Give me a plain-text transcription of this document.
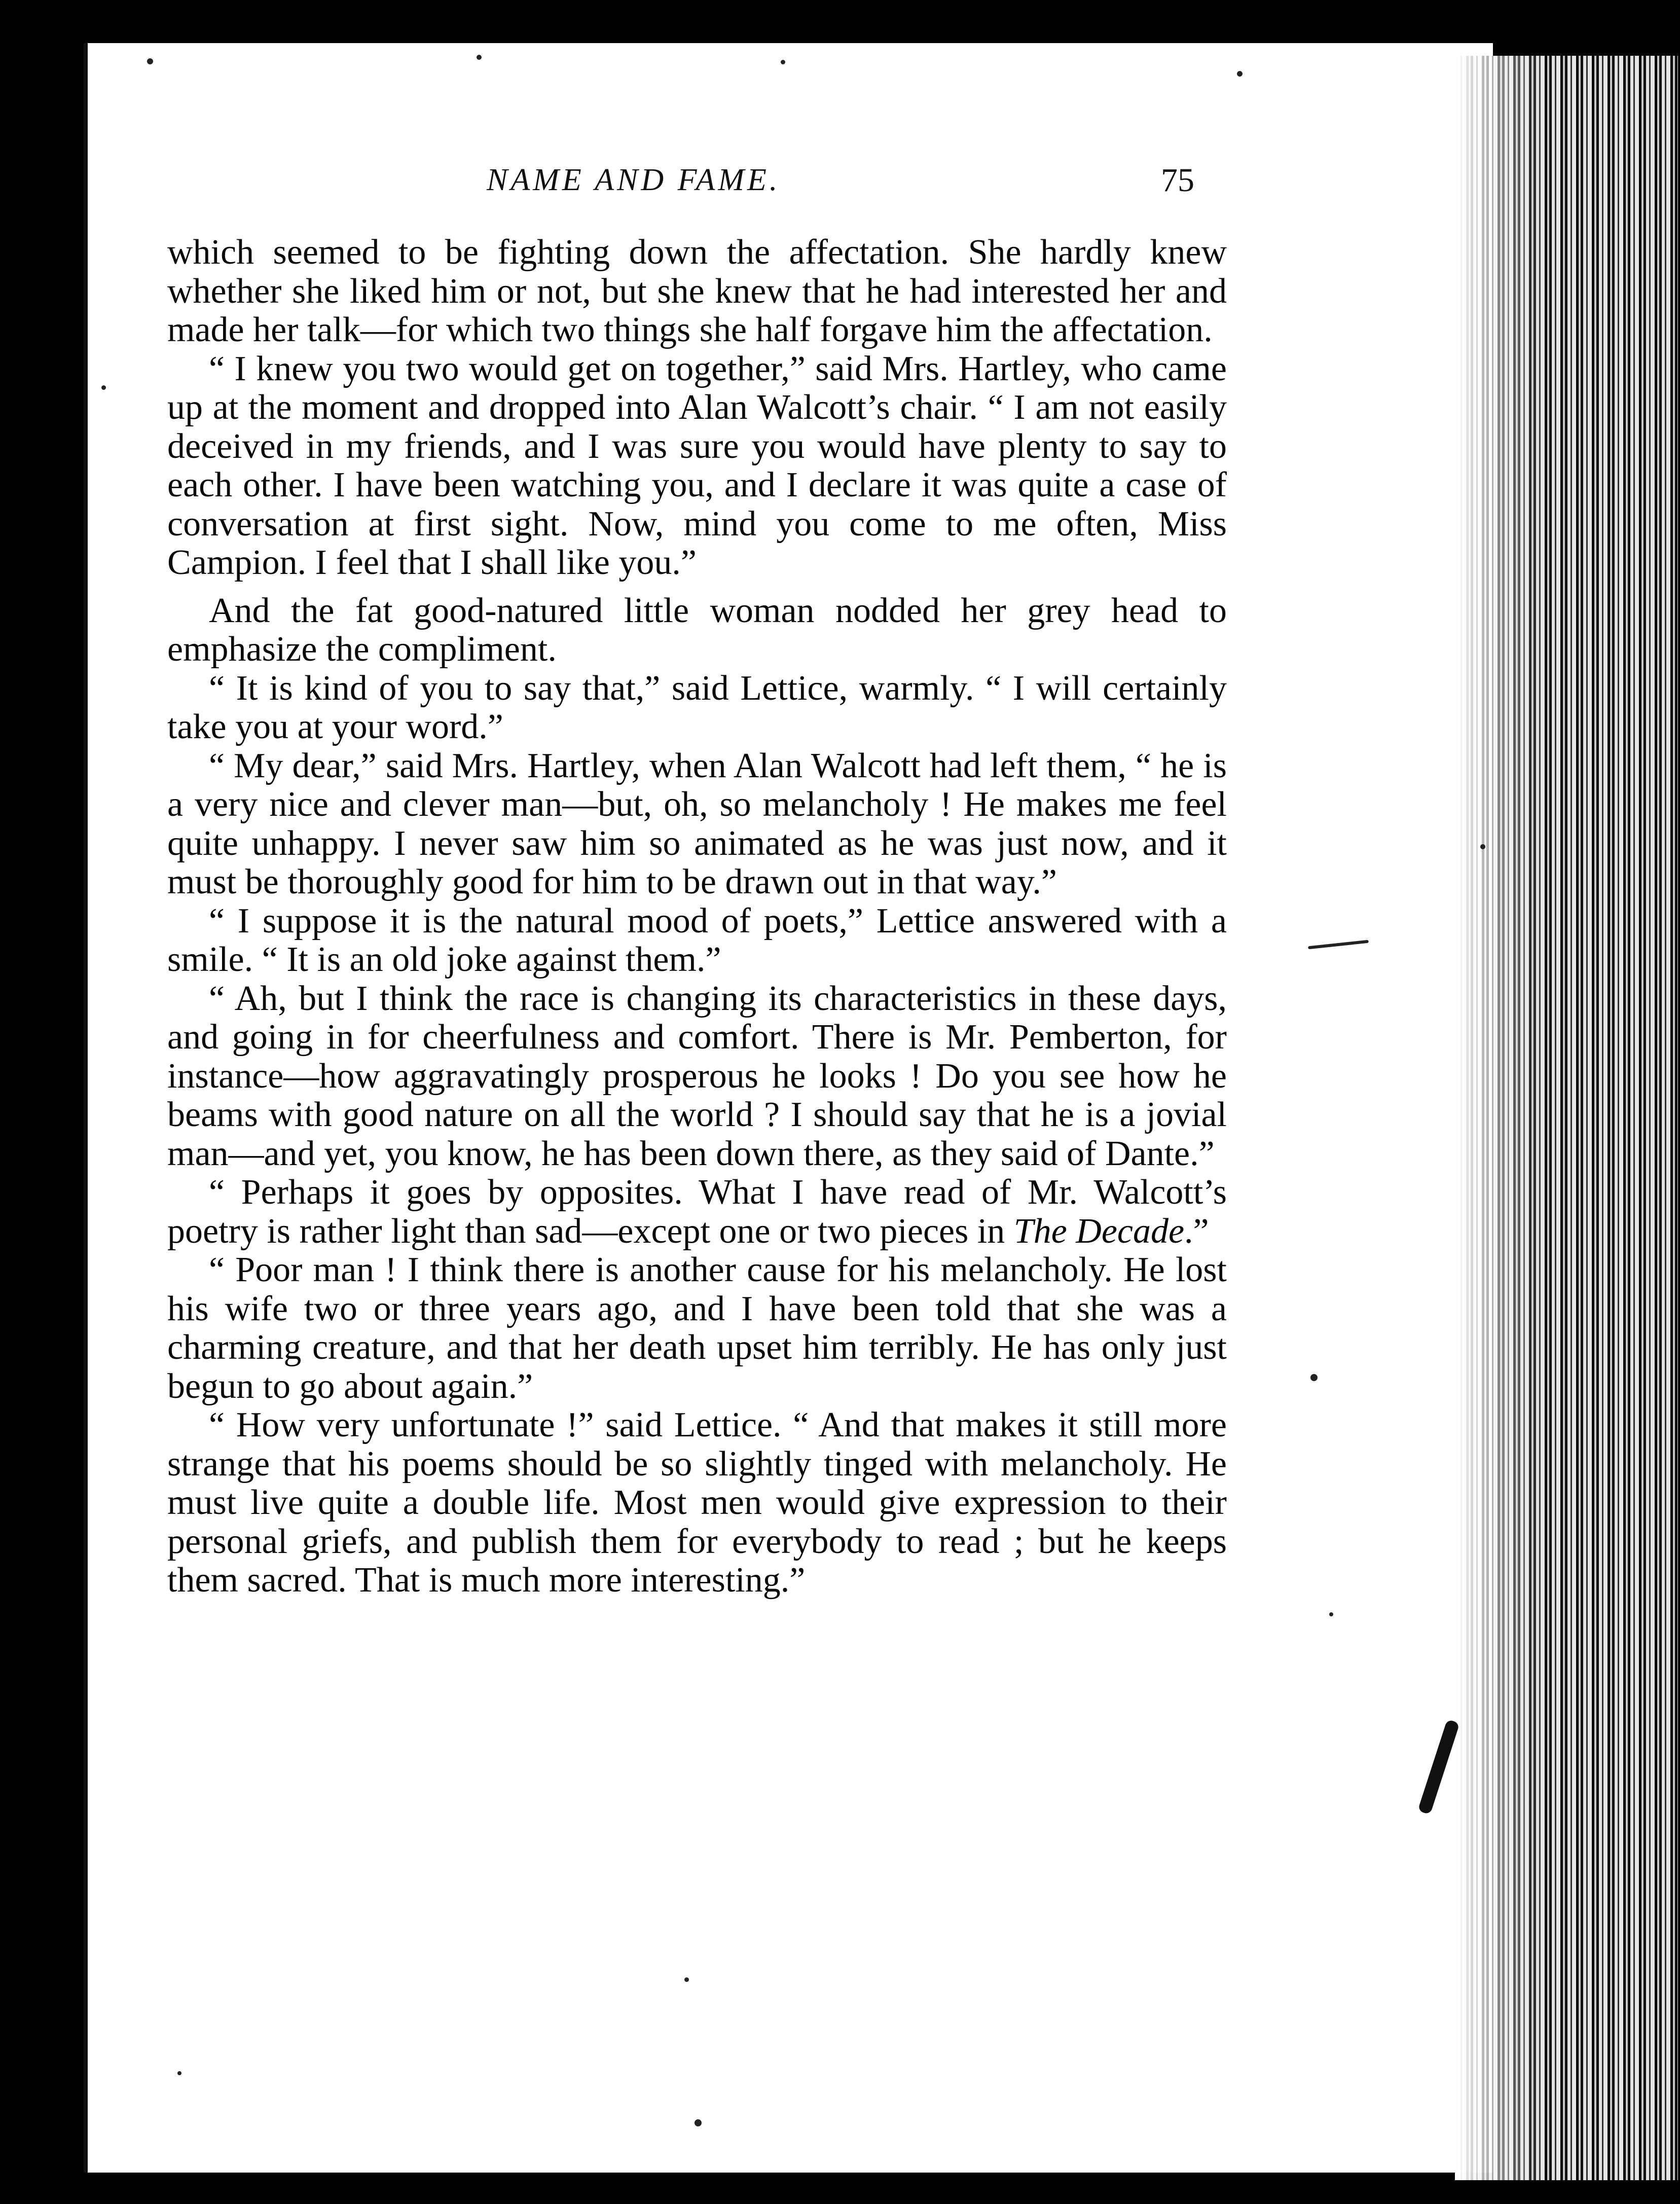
NAME AND FAME.	75

which seemed to be fighting down the affectation. She hardly knew whether she liked him or not, but she knew that he had interested her and made her talk—for which two things she half forgave him the affectation.

“ I knew you two would get on together,” said Mrs. Hartley, who came up at the moment and dropped into Alan Walcott’s chair. “ I am not easily deceived in my friends, and I was sure you would have plenty to say to each other. I have been watching you, and I declare it was quite a case of conversation at first sight. Now, mind you come to me often, Miss Campion. I feel that I shall like you.”

And the fat good-natured little woman nodded her grey head to emphasize the compliment.

“ It is kind of you to say that,” said Lettice, warmly. “ I will certainly take you at your word.”

“ My dear,” said Mrs. Hartley, when Alan Walcott had left them, “ he is a very nice and clever man—but, oh, so melancholy ! He makes me feel quite unhappy. I never saw him so animated as he was just now, and it must be thoroughly good for him to be drawn out in that way.”

“ I suppose it is the natural mood of poets,” Lettice answered with a smile. “ It is an old joke against them.”

“ Ah, but I think the race is changing its characteristics in these days, and going in for cheerfulness and comfort. There is Mr. Pemberton, for instance—how aggravatingly prosperous he looks ! Do you see how he beams with good nature on all the world ? I should say that he is a jovial man—and yet, you know, he has been down there, as they said of Dante.”

“ Perhaps it goes by opposites. What I have read of Mr. Walcott’s poetry is rather light than sad—except one or two pieces in The Decade.”

“ Poor man ! I think there is another cause for his melancholy. He lost his wife two or three years ago, and I have been told that she was a charming creature, and that her death upset him terribly. He has only just begun to go about again.”

“ How very unfortunate !” said Lettice. “ And that makes it still more strange that his poems should be so slightly tinged with melancholy. He must live quite a double life. Most men would give expression to their personal griefs, and publish them for everybody to read ; but he keeps them sacred. That is much more interesting.”
